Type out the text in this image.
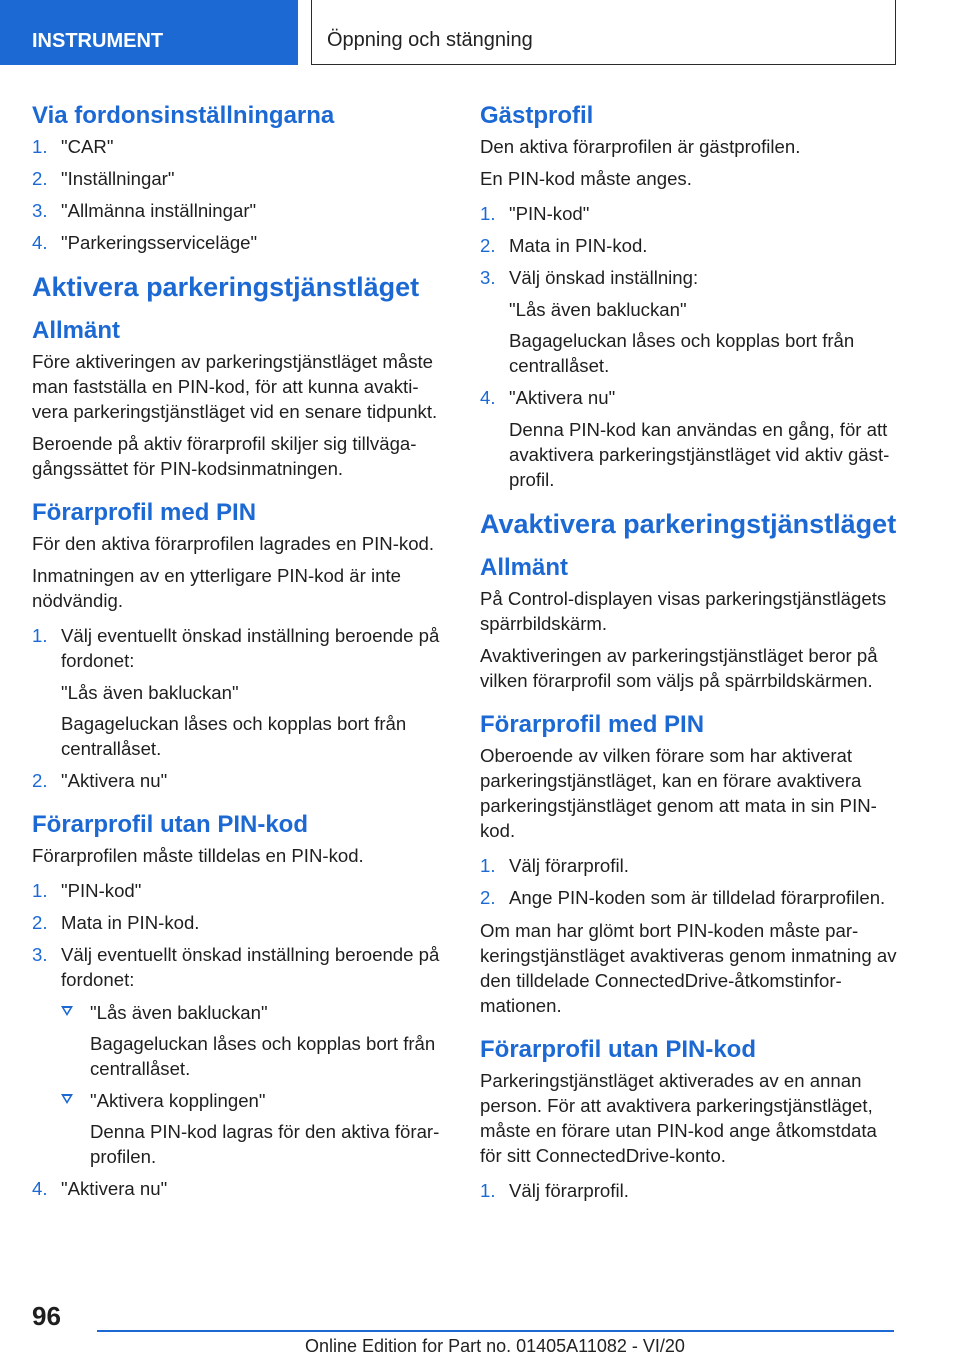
INSTRUMENT	Öppning och stängning
Via fordonsinställningarna
1. "CAR"
2. "Inställningar"
3. "Allmänna inställningar"
4. "Parkeringsserviceläge"
Aktivera parkeringstjänstläget
Allmänt

Före aktiveringen av parkeringstjänstläget måste man fastställa en PIN-kod, för att kunna avakti-vera parkeringstjänstläget vid en senare tidpunkt.

Beroende på aktiv förarprofil skiljer sig tillväga-gångssättet för PIN-kodsinmatningen.

Förarprofil med PIN

För den aktiva förarprofilen lagrades en PIN-kod.

Inmatningen av en ytterligare PIN-kod är inte nödvändig.

1. Välj eventuellt önskad inställning beroende på fordonet:
"Lås även bakluckan"
Bagageluckan låses och kopplas bort från centrallåset.
2. "Aktivera nu"
Förarprofil utan PIN-kod

Förarprofilen måste tilldelas en PIN-kod.

1. "PIN-kod"
2. Mata in PIN-kod.
3. Välj eventuellt önskad inställning beroende på fordonet:
"Lås även bakluckan"
Bagageluckan låses och kopplas bort från centrallåset.
"Aktivera kopplingen"
Denna PIN-kod lagras för den aktiva förar-profilen.
4. "Aktivera nu"
Gästprofil

Den aktiva förarprofilen är gästprofilen.

En PIN-kod måste anges.

1. "PIN-kod"
2. Mata in PIN-kod.
3. Välj önskad inställning:
"Lås även bakluckan"
Bagageluckan låses och kopplas bort från centrallåset.
4. "Aktivera nu"
Denna PIN-kod kan användas en gång, för att avaktivera parkeringstjänstläget vid aktiv gäst-profil.
Avaktivera parkeringstjänstläget
Allmänt

På Control-displayen visas parkeringstjänstlägets spärrbildskärm.

Avaktiveringen av parkeringstjänstläget beror på vilken förarprofil som väljs på spärrbildskärmen.

Förarprofil med PIN

Oberoende av vilken förare som har aktiverat parkeringstjänstläget, kan en förare avaktivera parkeringstjänstläget genom att mata in sin PIN-kod.

1. Välj förarprofil.
2. Ange PIN-koden som är tilldelad förarprofilen.

Om man har glömt bort PIN-koden måste par-keringstjänstläget avaktiveras genom inmatning av den tilldelade ConnectedDrive-åtkomstinfor-mationen.

Förarprofil utan PIN-kod

Parkeringstjänstläget aktiverades av en annan person. För att avaktivera parkeringstjänstläget, måste en förare utan PIN-kod ange åtkomstdata för sitt ConnectedDrive-konto.

1. Välj förarprofil.
96
Online Edition for Part no. 01405A11082 - VI/20
